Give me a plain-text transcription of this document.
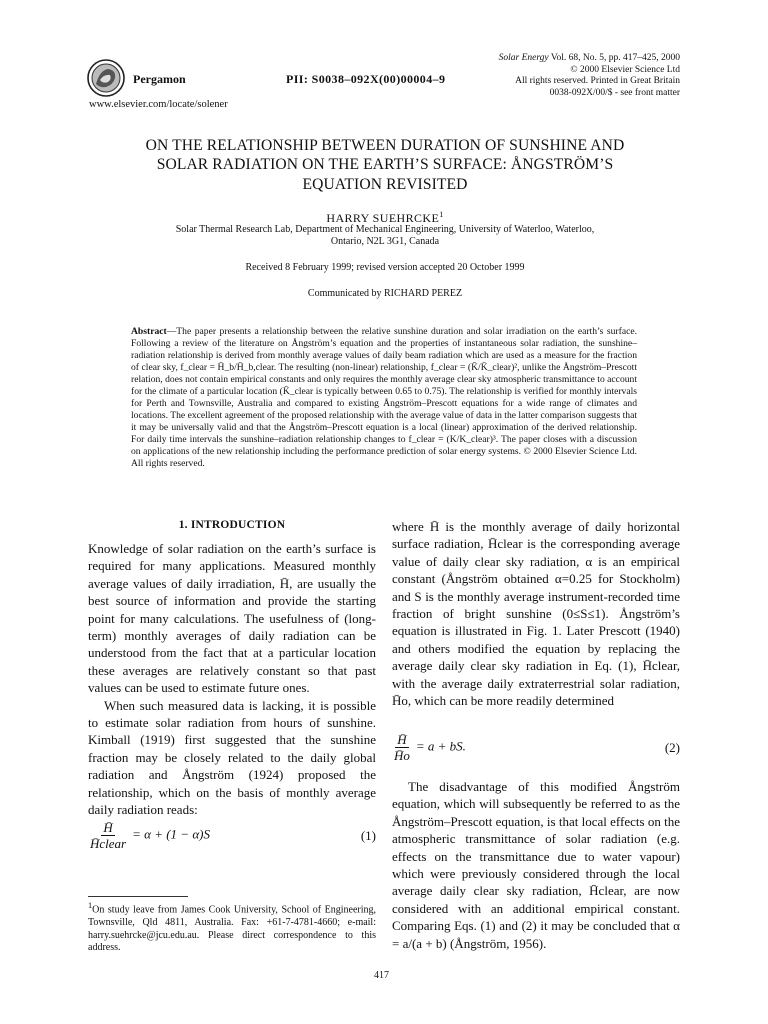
Pergamon	PII: S0038–092X(00)00004–9
Solar Energy Vol. 68, No. 5, pp. 417–425, 2000
© 2000 Elsevier Science Ltd
All rights reserved. Printed in Great Britain
0038-092X/00/$ - see front matter
www.elsevier.com/locate/solener
ON THE RELATIONSHIP BETWEEN DURATION OF SUNSHINE AND
SOLAR RADIATION ON THE EARTH’S SURFACE: ÅNGSTRÖM’S
EQUATION REVISITED
HARRY SUEHRCKE$^1$
Solar Thermal Research Lab, Department of Mechanical Engineering, University of Waterloo, Waterloo,
Ontario, N2L 3G1, Canada
Received 8 February 1999; revised version accepted 20 October 1999
Communicated by RICHARD PEREZ
Abstract—The paper presents a relationship between the relative sunshine duration and solar irradiation on the earth’s surface. Following a review of the literature on Ångström’s equation and the properties of instantaneous solar radiation, the sunshine–radiation relationship is derived from monthly average values of daily beam radiation which are used as a measure for the fraction of clear sky, f_clear = H̄_b/H̄_b,clear. The resulting (non-linear) relationship, f_clear = (K̄/K̄_clear)², unlike the Ångström–Prescott relation, does not contain empirical constants and only requires the monthly average clear sky atmospheric transmittance to account for the climate of a particular location (K̄_clear is typically between 0.65 to 0.75). The relationship is verified for monthly intervals for Perth and Townsville, Australia and compared to existing Ångström–Prescott equations for a wide range of climates and locations. The excellent agreement of the proposed relationship with the average value of data in the latter comparison suggests that it may be universally valid and that the Ångström–Prescott equation is a local (linear) approximation of the derived relationship. For daily time intervals the sunshine–radiation relationship changes to f_clear = (K/K_clear)³. The paper closes with a discussion on applications of the new relationship including the performance prediction of solar energy systems. © 2000 Elsevier Science Ltd. All rights reserved.
1. INTRODUCTION

Knowledge of solar radiation on the earth’s surface is required for many applications. Measured monthly average values of daily irradiation, H̄, are usually the best source of information and provide the starting point for many calculations. The usefulness of (long-term) monthly averages of daily radiation can be understood from the fact that at a particular location these averages are relatively constant so that past values can be used to estimate future ones.

When such measured data is lacking, it is possible to estimate solar radiation from hours of sunshine. Kimball (1919) first suggested that the sunshine fraction may be closely related to the daily global radiation and Ångström (1924) proposed the relationship, which on the basis of monthly average daily radiation reads:

$\frac{H̄}{\text{H̄clear}} = \alpha + (1 - \alpha)S$	(1)
$^1$On study leave from James Cook University, School of Engineering, Townsville, Qld 4811, Australia. Fax: +61-7-4781-4660; e-mail: harry.suehrcke@jcu.edu.au. Please direct correspondence to this address.

where H̄ is the monthly average of daily horizontal surface radiation, H̄clear is the corresponding average value of daily clear sky radiation, α is an empirical constant (Ångström obtained α=0.25 for Stockholm) and S is the monthly average instrument-recorded time fraction of bright sunshine (0≤S≤1). Ångström’s equation is illustrated in Fig. 1. Later Prescott (1940) and others modified the equation by replacing the average daily clear sky radiation in Eq. (1), H̄clear, with the average daily extraterrestrial solar radiation, H̄o, which can be more readily determined

$\frac{H̄}{H̄o} = a$ + bS.	(2)

The disadvantage of this modified Ångström equation, which will subsequently be referred to as the Ångström–Prescott equation, is that local effects on the atmospheric transmittance of solar radiation (e.g. effects on the transmittance due to water vapour) which were previously considered through the local average daily clear sky radiation, H̄clear, are now considered with an additional empirical constant. Comparing Eqs. (1) and (2) it may be concluded that α = a/(a + b) (Ångström, 1956).

417
